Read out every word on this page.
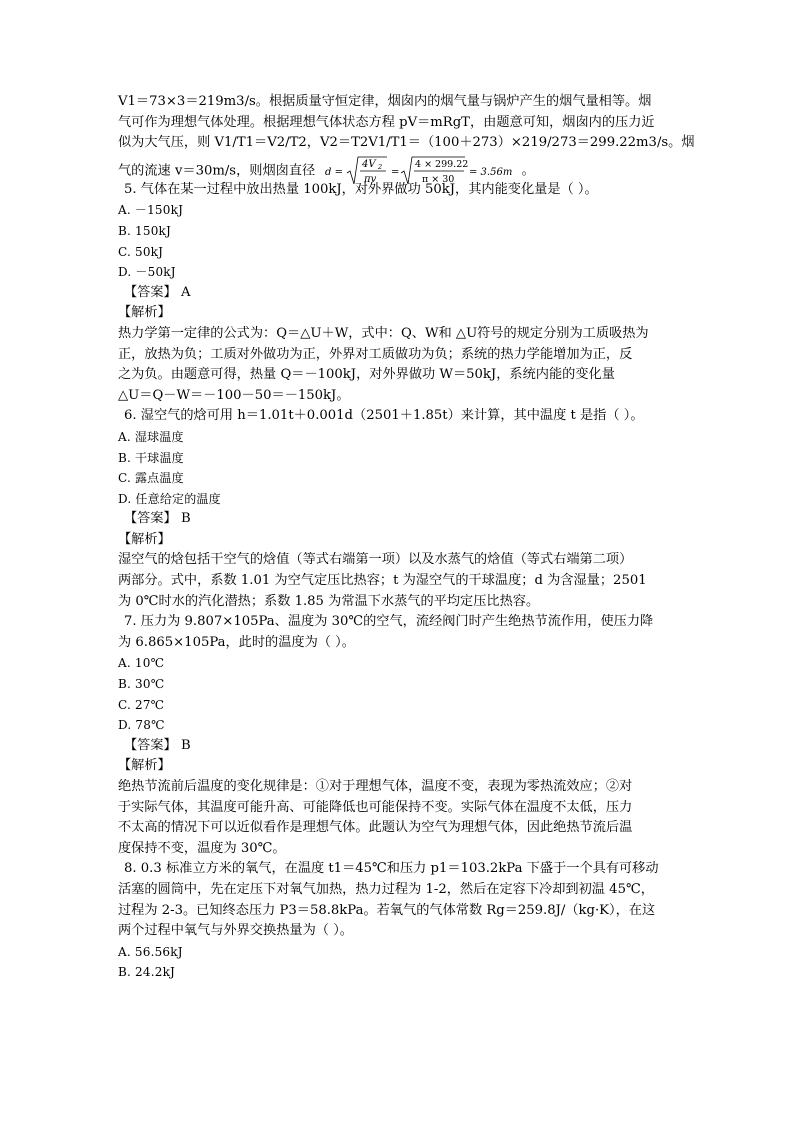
V1＝73×3＝219m3/s。根据质量守恒定律，烟囱内的烟气量与锅炉产生的烟气量相等。烟
气可作为理想气体处理。根据理想气体状态方程 pV＝mRgT，由题意可知，烟囱内的压力近
似为大气压，则 V1/T1＝V2/T2，V2＝T2V1/T1＝（100＋273）×219/273＝299.22m3/s。烟
气的流速 v＝30m/s，则烟囱直径 d =
4V 2
πv
=
4 × 299.22
π × 30
= 3.56m 。
5. 气体在某一过程中放出热量 100kJ，对外界做功 50kJ，其内能变化量是（ ）。
A. －150kJ
B. 150kJ
C. 50kJ
D. －50kJ
【答案】 A
【解析】
热力学第一定律的公式为：Q＝△U＋W，式中：Q、W和 △U符号的规定分别为工质吸热为
正，放热为负；工质对外做功为正，外界对工质做功为负；系统的热力学能增加为正，反
之为负。由题意可得，热量 Q＝－100kJ，对外界做功 W＝50kJ，系统内能的变化量
△U＝Q－W＝－100－50＝－150kJ。
6. 湿空气的焓可用 h＝1.01t＋0.001d（2501＋1.85t）来计算，其中温度 t 是指（ ）。
A. 湿球温度
B. 干球温度
C. 露点温度
D. 任意给定的温度
【答案】 B
【解析】
湿空气的焓包括干空气的焓值（等式右端第一项）以及水蒸气的焓值（等式右端第二项）
两部分。式中，系数 1.01 为空气定压比热容；t 为湿空气的干球温度；d 为含湿量；2501
为 0℃时水的汽化潜热；系数 1.85 为常温下水蒸气的平均定压比热容。
7. 压力为 9.807×105Pa、温度为 30℃的空气，流经阀门时产生绝热节流作用，使压力降
为 6.865×105Pa，此时的温度为（ ）。
A. 10℃
B. 30℃
C. 27℃
D. 78℃
【答案】 B
【解析】
绝热节流前后温度的变化规律是：①对于理想气体，温度不变，表现为零热流效应；②对
于实际气体，其温度可能升高、可能降低也可能保持不变。实际气体在温度不太低，压力
不太高的情况下可以近似看作是理想气体。此题认为空气为理想气体，因此绝热节流后温
度保持不变，温度为 30℃。
8. 0.3 标准立方米的氧气，在温度 t1＝45℃和压力 p1＝103.2kPa 下盛于一个具有可移动
活塞的圆筒中，先在定压下对氧气加热，热力过程为 1-2，然后在定容下冷却到初温 45℃，
过程为 2-3。已知终态压力 P3＝58.8kPa。若氧气的气体常数 Rg＝259.8J/（kg·K），在这
两个过程中氧气与外界交换热量为（ ）。
A. 56.56kJ
B. 24.2kJ
